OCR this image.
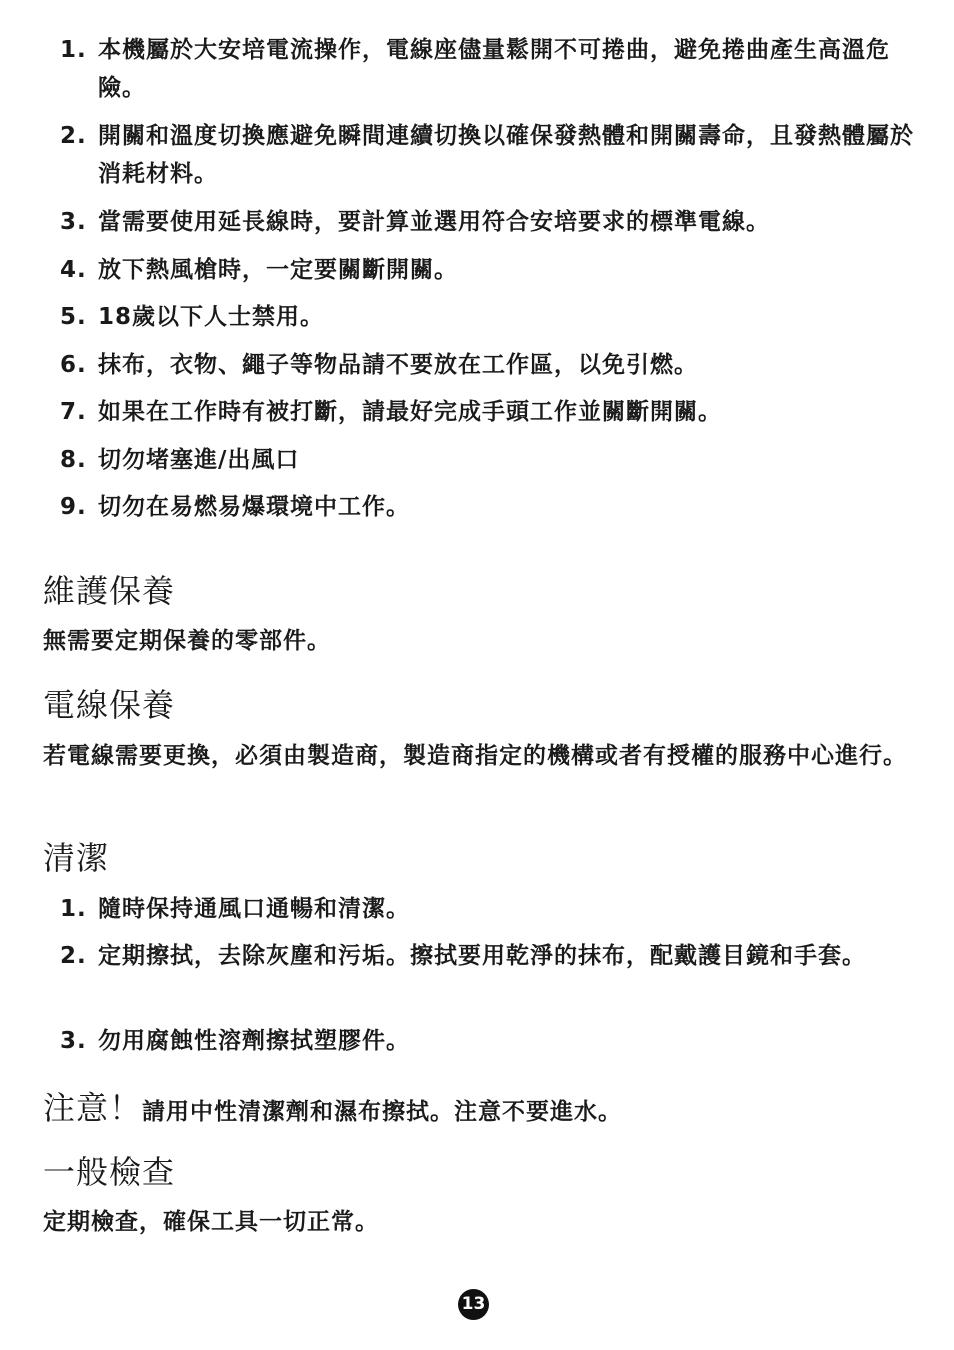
1. 本機屬於大安培電流操作，電線座儘量鬆開不可捲曲，避免捲曲產生高溫危險。
2. 開關和溫度切換應避免瞬間連續切換以確保發熱體和開關壽命，且發熱體屬於消耗材料。
3. 當需要使用延長線時，要計算並選用符合安培要求的標準電線。
4. 放下熱風槍時，一定要關斷開關。
5. 18歲以下人士禁用。
6. 抹布，衣物、繩子等物品請不要放在工作區，以免引燃。
7. 如果在工作時有被打斷，請最好完成手頭工作並關斷開關。
8. 切勿堵塞進/出風口
9. 切勿在易燃易爆環境中工作。
維護保養

無需要定期保養的零部件。

電線保養

若電線需要更換，必須由製造商，製造商指定的機構或者有授權的服務中心進行。

清潔
1. 隨時保持通風口通暢和清潔。
2. 定期擦拭，去除灰塵和污垢。擦拭要用乾淨的抹布，配戴護目鏡和手套。
3. 勿用腐蝕性溶劑擦拭塑膠件。

注意！請用中性清潔劑和濕布擦拭。注意不要進水。

一般檢查

定期檢查，確保工具一切正常。

13
